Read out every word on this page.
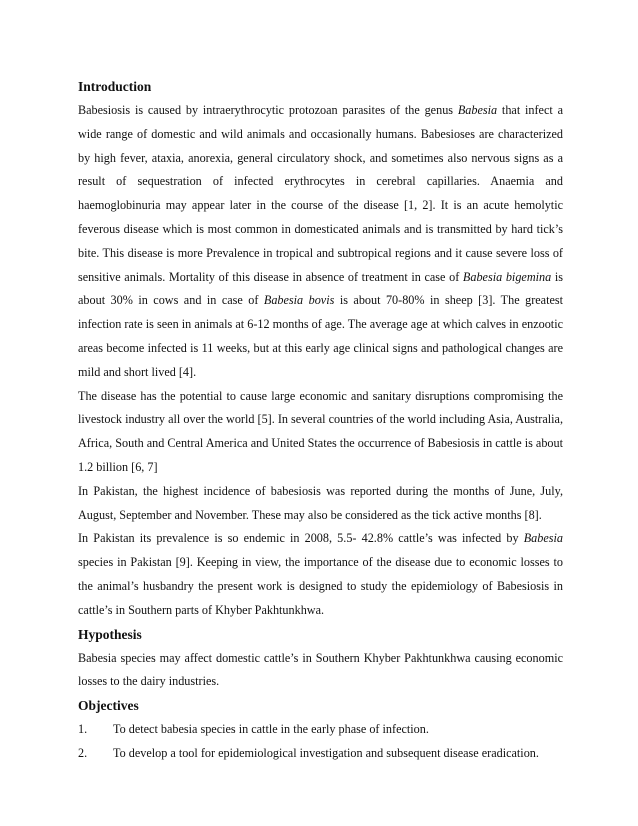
Introduction

Babesiosis is caused by intraerythrocytic protozoan parasites of the genus Babesia that infect a wide range of domestic and wild animals and occasionally humans. Babesioses are characterized by high fever, ataxia, anorexia, general circulatory shock, and sometimes also nervous signs as a result of sequestration of infected erythrocytes in cerebral capillaries. Anaemia and haemoglobinuria may appear later in the course of the disease [1, 2]. It is an acute hemolytic feverous disease which is most common in domesticated animals and is transmitted by hard tick’s bite. This disease is more Prevalence in tropical and subtropical regions and it cause severe loss of sensitive animals. Mortality of this disease in absence of treatment in case of Babesia bigemina is about 30% in cows and in case of Babesia bovis is about 70-80% in sheep [3]. The greatest infection rate is seen in animals at 6-12 months of age. The average age at which calves in enzootic areas become infected is 11 weeks, but at this early age clinical signs and pathological changes are mild and short lived [4].

The disease has the potential to cause large economic and sanitary disruptions compromising the livestock industry all over the world [5]. In several countries of the world including Asia, Australia, Africa, South and Central America and United States the occurrence of Babesiosis in cattle is about 1.2 billion [6, 7]

In Pakistan, the highest incidence of babesiosis was reported during the months of June, July, August, September and November. These may also be considered as the tick active months [8].

In Pakistan its prevalence is so endemic in 2008, 5.5- 42.8% cattle’s was infected by Babesia species in Pakistan [9]. Keeping in view, the importance of the disease due to economic losses to the animal’s husbandry the present work is designed to study the epidemiology of Babesiosis in cattle’s in Southern parts of Khyber Pakhtunkhwa.

Hypothesis

Babesia species may affect domestic cattle’s in Southern Khyber Pakhtunkhwa causing economic losses to the dairy industries.

Objectives
1.	To detect babesia species in cattle in the early phase of infection.
2.	To develop a tool for epidemiological investigation and subsequent disease eradication.
